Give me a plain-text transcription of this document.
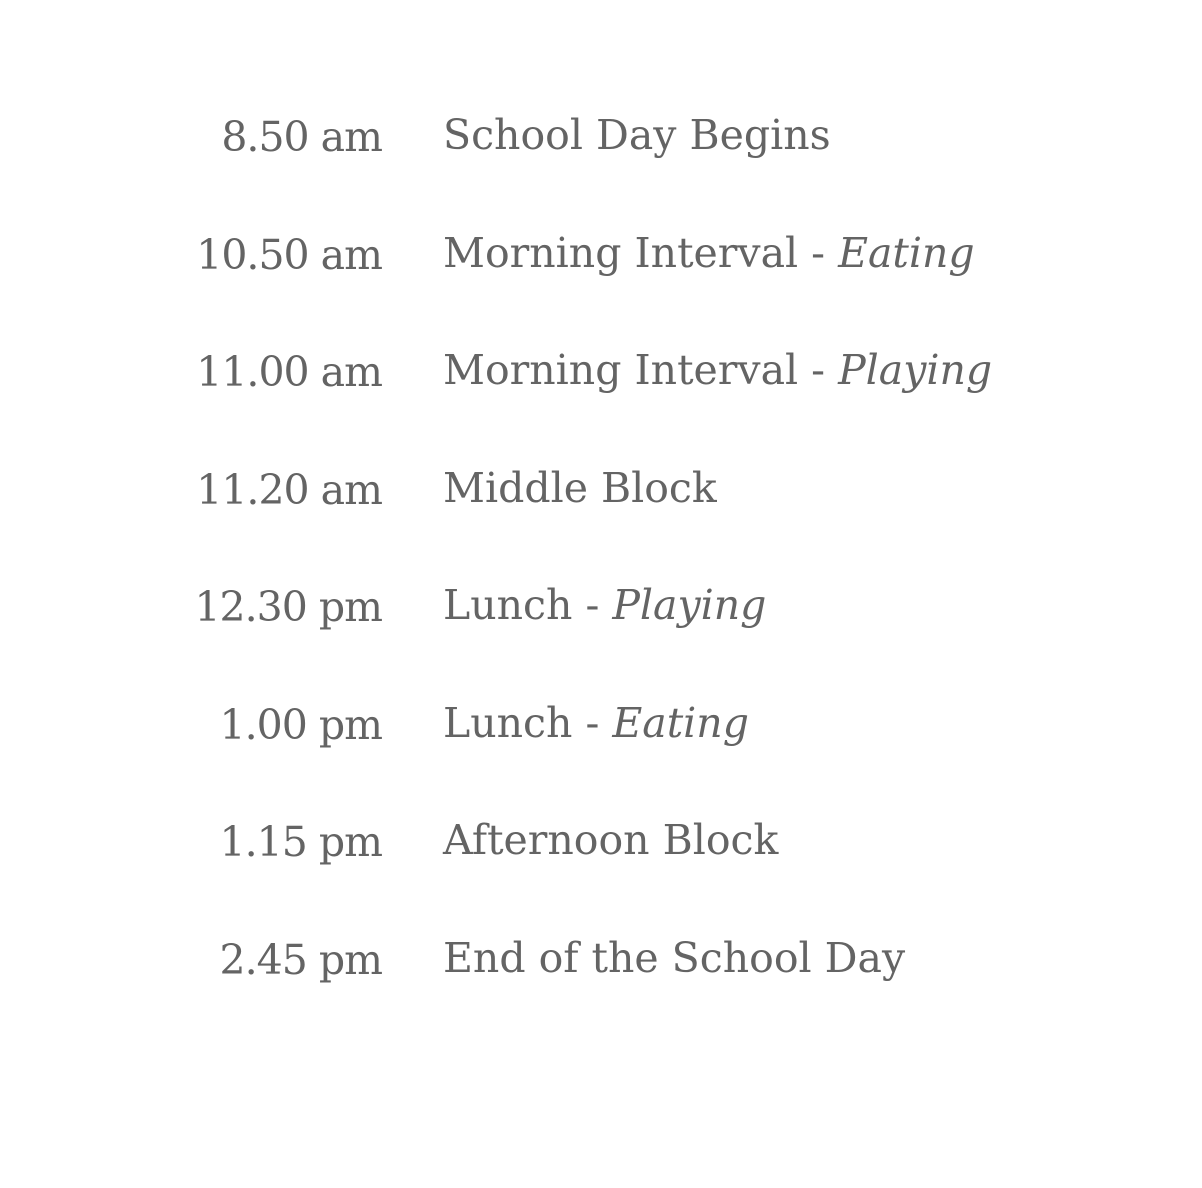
8.50 am School Day Begins
10.50 am Morning Interval - Eating
11.00 am Morning Interval - Playing
11.20 am Middle Block
12.30 pm Lunch - Playing
1.00 pm Lunch - Eating
1.15 pm Afternoon Block
2.45 pm End of the School Day
